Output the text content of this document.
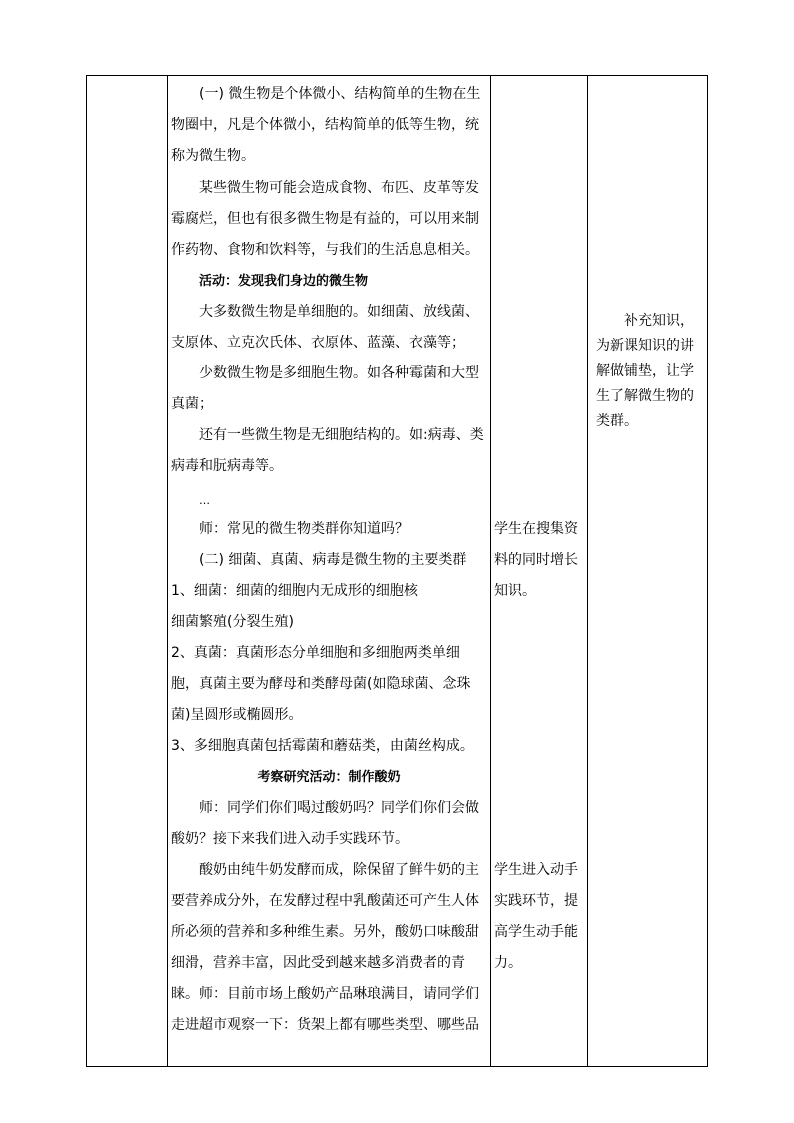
(一) 微生物是个体微小、结构简单的生物在生物圈中，凡是个体微小，结构简单的低等生物，统称为微生物。

某些微生物可能会造成食物、布匹、皮革等发霉腐烂，但也有很多微生物是有益的，可以用来制作药物、食物和饮料等，与我们的生活息息相关。

活动：发现我们身边的微生物

大多数微生物是单细胞的。如细菌、放线菌、支原体、立克次氏体、衣原体、蓝藻、衣藻等；

少数微生物是多细胞生物。如各种霉菌和大型真菌；

还有一些微生物是无细胞结构的。如:病毒、类病毒和朊病毒等。

…

师：常见的微生物类群你知道吗？

(二) 细菌、真菌、病毒是微生物的主要类群

1、细菌：细菌的细胞内无成形的细胞核

细菌繁殖(分裂生殖)

2、真菌：真菌形态分单细胞和多细胞两类单细胞，真菌主要为酵母和类酵母菌(如隐球菌、念珠菌)呈圆形或椭圆形。

3、多细胞真菌包括霉菌和蘑菇类，由菌丝构成。

考察研究活动：制作酸奶

师：同学们你们喝过酸奶吗？同学们你们会做酸奶？接下来我们进入动手实践环节。

酸奶由纯牛奶发酵而成，除保留了鲜牛奶的主要营养成分外，在发酵过程中乳酸菌还可产生人体所必须的营养和多种维生素。另外，酸奶口味酸甜细滑，营养丰富，因此受到越来越多消费者的青睐。 师：目前市场上酸奶产品琳琅满目，请同学们走进超市观察一下：货架上都有哪些类型、哪些品

学生在搜集资料的同时增长知识。

学生进入动手实践环节，提高学生动手能力。

补充知识，为新课知识的讲解做铺垫，让学生了解微生物的类群。
